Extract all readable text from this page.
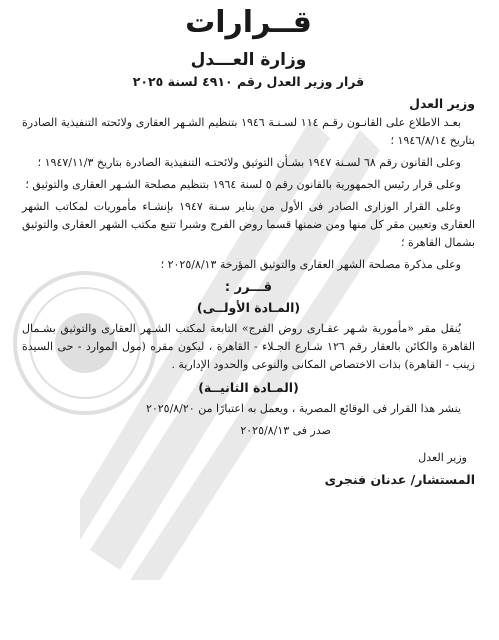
قــرارات
وزارة العـــدل
قرار وزير العدل رقم ٤٩١٠ لسنة ٢٠٢٥
وزير العدل

بعـد الاطلاع على القانـون رقـم ١١٤ لسـنـة ١٩٤٦ بتنظيم الشـهر العقارى ولائحته التنفيذية الصادرة بتاريخ ١٩٤٦/٨/١٤ ؛

وعلى القانون رقم ٦٨ لسـنة ١٩٤٧ بشـأن التوثيق ولائحتـه التنفيذية الصادرة بتاريخ ١٩٤٧/١١/٣ ؛

وعلى قرار رئيس الجمهورية بالقانون رقم ٥ لسنة ١٩٦٤ بتنظيم مصلحة الشـهر العقارى والتوثيق ؛

وعلى القرار الوزارى الصادر فى الأول من يناير سـنة ١٩٤٧ بإنشـاء مأموريات لمكاتب الشهر العقارى وتعيين مقر كل منها ومن ضمنها قسما روض الفرج وشبرا تتبع مكتب الشهر العقارى والتوثيق بشمال القاهرة ؛

وعلى مذكرة مصلحة الشهر العقارى والتوثيق المؤرخة ٢٠٢٥/٨/١٣ ؛

قـــرر :
(المـادة الأولــى)

يُنقل مقر «مأمورية شـهر عقـارى روض الفرج» التابعة لمكتب الشـهر العقارى والتوثيق بشـمال القاهرة والكائن بالعقار رقم ١٢٦ شـارع الجـلاء - القاهرة ، ليكون مقره (مول الموارد - حى السيدة زينب - القاهرة) بذات الاختصاص المكانى والنوعى والحدود الإدارية .

(المـادة الثانيــة)

ينشر هذا القرار فى الوقائع المصرية ، ويعمل به اعتبارًا من ٢٠٢٥/٨/٢٠

صدر فى ٢٠٢٥/٨/١٣

وزير العدل
المستشار/ عدنان فنجرى
